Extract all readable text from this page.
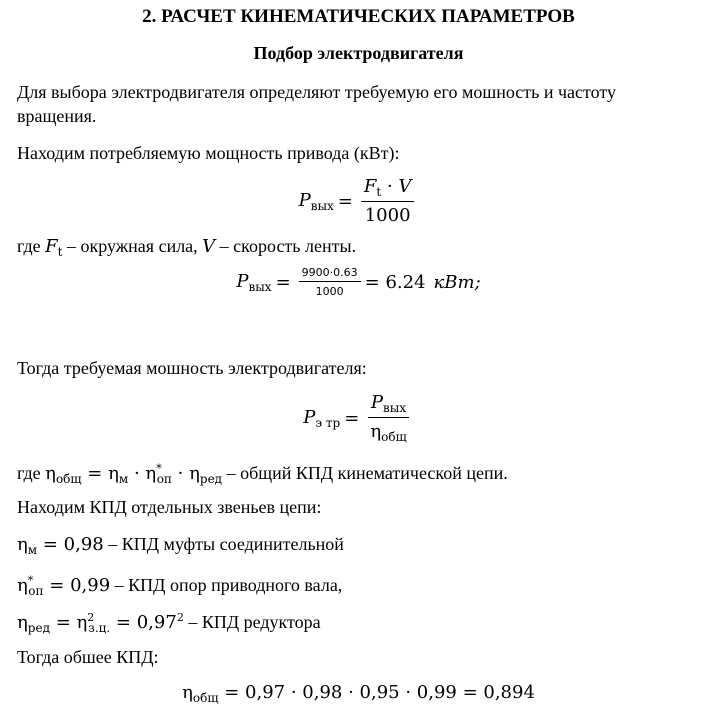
2. РАСЧЕТ КИНЕМАТИЧЕСКИХ ПАРАМЕТРОВ
Подбор электродвигателя
Для выбора электродвигателя определяют требуемую его мошность и частоту
вращения.
Находим потребляемую мощность привода (кВт):
$P_{вых} = \frac{F_t \cdot V}{1000}$
где $F_t$ – окружная сила, V – скорость ленты.
$P_{вых} = \frac{9900\cdot 0.63}{1000} = 6.24$ кВт;
Тогда требуемая мошность электродвигателя:
$P_{э тр} = \frac{P_{вых}}{\eta_{общ}}$
где $\eta_{общ} = \eta_м \cdot \eta^*_{оп} \cdot \eta_{ред}$ – общий КПД кинематической цепи.
Находим КПД отдельных звеньев цепи:
$\eta_м = 0,98$ – КПД муфты соединительной
$\eta^*_{оп} = 0,99$ – КПД опор приводного вала,
$\eta_{ред} = \eta^2_{з.ц.} = 0,97^2$ – КПД редуктора
Тогда обшее КПД:
$\eta_{общ} = 0,97 \cdot 0,98 \cdot 0,95 \cdot 0,99 = 0,894$
